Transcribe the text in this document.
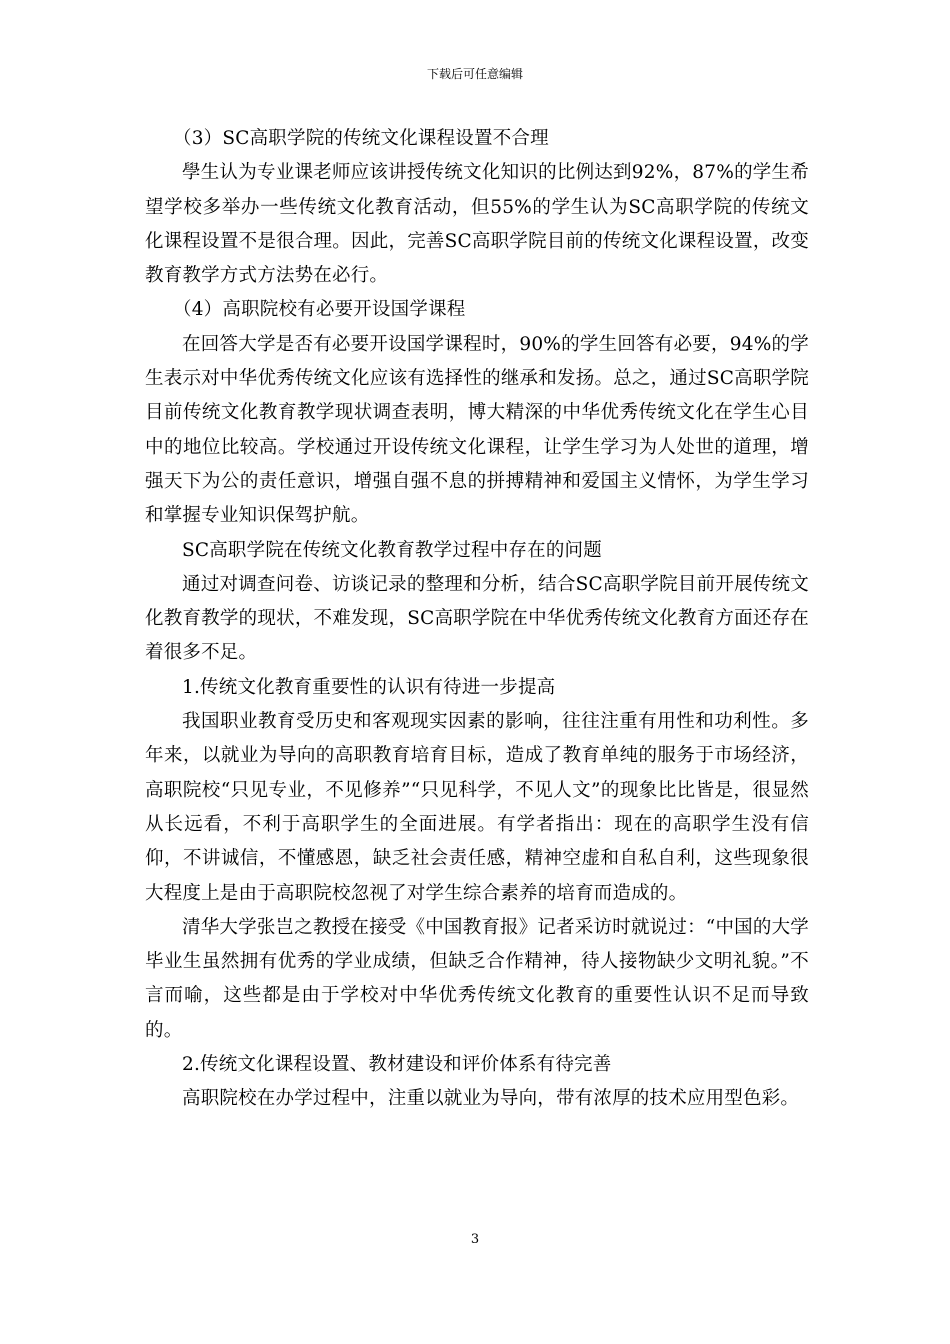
下载后可任意编辑

（3）SC高职学院的传统文化课程设置不合理

學生认为专业课老师应该讲授传统文化知识的比例达到92%，87%的学生希望学校多举办一些传统文化教育活动，但55%的学生认为SC高职学院的传统文化课程设置不是很合理。因此，完善SC高职学院目前的传统文化课程设置，改变教育教学方式方法势在必行。

（4）高职院校有必要开设国学课程

在回答大学是否有必要开设国学课程时，90%的学生回答有必要，94%的学生表示对中华优秀传统文化应该有选择性的继承和发扬。总之，通过SC高职学院目前传统文化教育教学现状调查表明，博大精深的中华优秀传统文化在学生心目中的地位比较高。学校通过开设传统文化课程，让学生学习为人处世的道理，增强天下为公的责任意识，增强自强不息的拼搏精神和爱国主义情怀，为学生学习和掌握专业知识保驾护航。

SC高职学院在传统文化教育教学过程中存在的问题

通过对调查问卷、访谈记录的整理和分析，结合SC高职学院目前开展传统文化教育教学的现状，不难发现，SC高职学院在中华优秀传统文化教育方面还存在着很多不足。

1.传统文化教育重要性的认识有待进一步提高

我国职业教育受历史和客观现实因素的影响，往往注重有用性和功利性。多年来，以就业为导向的高职教育培育目标，造成了教育单纯的服务于市场经济，高职院校“只见专业，不见修养”“只见科学，不见人文”的现象比比皆是，很显然从长远看，不利于高职学生的全面进展。有学者指出：现在的高职学生没有信仰，不讲诚信，不懂感恩，缺乏社会责任感，精神空虚和自私自利，这些现象很大程度上是由于高职院校忽视了对学生综合素养的培育而造成的。

清华大学张岂之教授在接受《中国教育报》记者采访时就说过：“中国的大学毕业生虽然拥有优秀的学业成绩，但缺乏合作精神，待人接物缺少文明礼貌。”不言而喻，这些都是由于学校对中华优秀传统文化教育的重要性认识不足而导致的。

2.传统文化课程设置、教材建设和评价体系有待完善

高职院校在办学过程中，注重以就业为导向，带有浓厚的技术应用型色彩。

3
